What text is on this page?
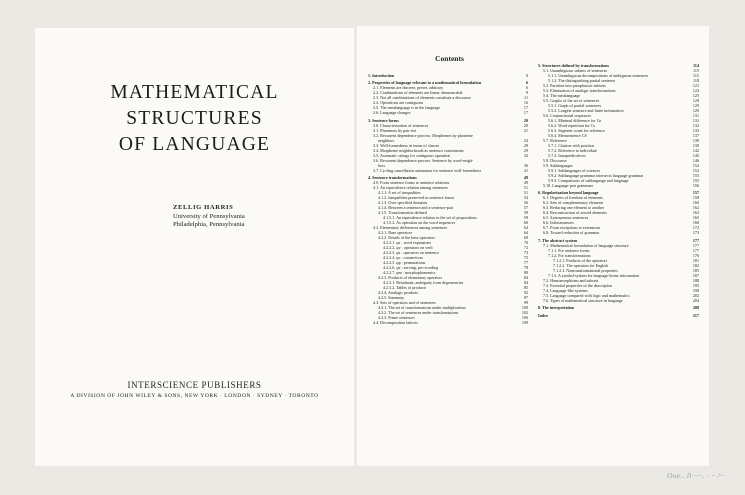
MATHEMATICAL
STRUCTURES
OF LANGUAGE
ZELLIG HARRIS
University of Pennsylvania
Philadelphia, Pennsylvania
INTERSCIENCE PUBLISHERS
A DIVISION OF JOHN WILEY & SONS, NEW YORK · LONDON · SYDNEY · TORONTO
Contents
1. Introduction	1
2. Properties of language relevant to a mathematical formulation	6
2.1. Elements are discrete, preset, arbitrary	6
2.2. Combinations of elements are linear, denumerable	9
2.3. Not all combinations of elements constitute a discourse	11
2.4. Operations are contiguous	16
2.5. The metalanguage is in the language	17
2.6. Language changes	17
3. Sentence forms	20
3.0. Characterization of sentences	20
3.1. Phonemes by pair test	21
3.2. Recurrent dependence process: Morphemes by phoneme
neighbors	24
3.3. Well-formedness in terms of classes	28
3.4. Morpheme neighborhoods as sentence constituents	29
3.5. Axiomatic strings for contiguous operation	32
3.6. Recurrent dependence process: Sentence by word-neigh-
bors	36
3.7. Cycling cancellation automaton for sentence well-formedness	41
4. Sentence transformations	49
4.0. From sentence forms to sentence relations	49
4.1. An equivalence relation among sentences	51
4.1.1. A set of inequalities	51
4.1.2. Inequalities preserved in sentence forms	54
4.1.3. Over specified domains	56
4.1.4. Between a sentence and a sentence-pair	57
4.1.5. Transformation defined	59
4.1.5.1. An equivalence relation in the set of propositions	59
4.1.5.2. As operation on the word sequences	60
4.2. Elementary differences among sentences	64
4.2.1. Base operators	64
4.2.2. Details of the base operators	69
4.2.2.1. φs : word expansions	70
4.2.2.2. φv : operators on verb	72
4.2.2.3. φs : operators on sentence	73
4.2.2.4. φc : connectives	75
4.2.2.5. φp : permutations	77
4.2.2.6. φz : zeroing, pro-wording	78
4.2.2.7. φm : morphophonemics	80
4.2.3. Products of elementary operators	84
4.2.3.1. Resultants; ambiguity from degeneracies	84
4.2.3.2. Tables of products	85
4.2.4. Analogic products	92
4.2.5. Summary	97
4.3. Sets of operators and of sentences	99
4.3.1. The set of transformations under multiplication	100
4.3.2. The set of sentences under transformations	102
4.3.3. Prime sentences	106
4.4. Decomposition lattices	109
5. Structures defined by transformations	114
5.1. Unambiguous subsets of sentences	115
5.1.1. Unambiguous decompositions of ambiguous sentences	115
5.1.2. The distinguishing partial sentence	118
5.2. Partition into paraphrastic subsets	121
5.3. Elimination of analogic transformations	124
5.4. The metalanguage	125
5.5. Graphs of the set of sentences	129
5.5.1. Graph of partial sentences	129
5.5.2. Longest sentence and finite information	129
5.6. Conjunctional sequences	131
5.6.1. Minimal difference for Cn	131
5.6.2. Word repetition for Cs	132
5.6.3. Segment count for reference	133
5.6.4. Metasentence CS	137
5.7. Reference	139
5.7.1. Citation with position	139
5.7.2. Reference to individual	142
5.7.3. Intrapredicatives	145
5.8. Discourse	146
5.9. Sublanguages	152
5.9.1. Sublanguages of sciences	152
5.9.2. Sublanguage grammar intersects language grammar	155
5.9.3. Comparisons of sublanguage and language	155
5.10. Language-pair grammars	156
6. Regularization beyond language	157
6.1. Degrees of freedom of elements	158
6.2. Sets of complementary elements	160
6.3. Reducing one element to another	162
6.4. Reconstruction of zeroed elements	163
6.5. Synonymous sentences	165
6.6. Infrasentences	168
6.7. From exceptions to extensions	172
6.8. Toward reduction of grammar	173
7. The abstract system	177
7.1. Mathematical formulation of language structure	177
7.1.1. For sentence forms	177
7.1.2. For transformations	176
7.1.2.1. Products of the operators	181
7.1.2.2. The operators for English	182
7.1.2.3. Nontransformational properties	185
7.1.3. A symbol-system for language-borne information	187
7.2. Homomorphisms and subsets	188
7.3. Essential properties of the description	195
7.4. Language-like systems	198
7.5. Language compared with logic and mathematics	202
7.6. Types of mathematical structure in language	204
8. The interpretation	208
Index	217
Ooe.. ll·····. · ·· /··
